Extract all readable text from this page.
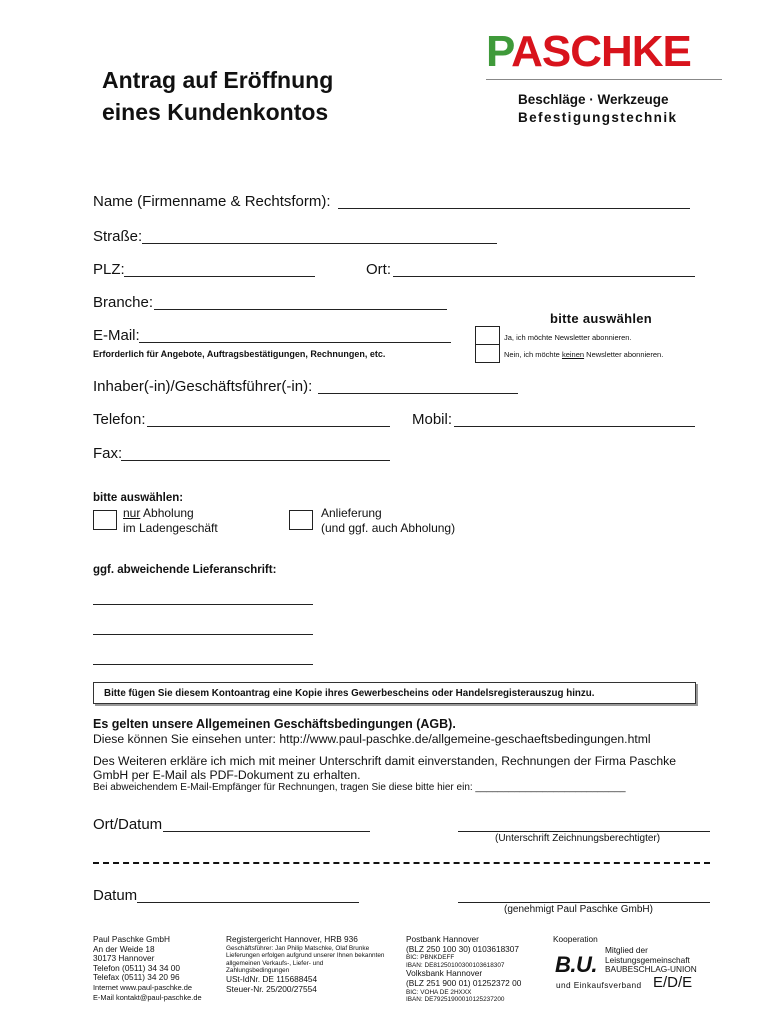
PASCHKE
Beschläge · Werkzeuge
Befestigungstechnik
Antrag auf Eröffnung
eines Kundenkontos
Name (Firmenname & Rechtsform):
Straße:
PLZ:	Ort:
Branche:
bitte auswählen
E-Mail:
Erforderlich für Angebote, Auftragsbestätigungen, Rechnungen, etc.
Ja, ich möchte Newsletter abonnieren.
Nein, ich möchte keinen Newsletter abonnieren.
Inhaber(-in)/Geschäftsführer(-in):
Telefon:	Mobil:
Fax:
bitte auswählen:
nur Abholung
im Ladengeschäft
Anlieferung
(und ggf. auch Abholung)
ggf. abweichende Lieferanschrift:
Bitte fügen Sie diesem Kontoantrag eine Kopie ihres Gewerbescheins oder Handelsregisterauszug hinzu.
Es gelten unsere Allgemeinen Geschäftsbedingungen (AGB).
Diese können Sie einsehen unter: http://www.paul-paschke.de/allgemeine-geschaeftsbedingungen.html
Des Weiteren erkläre ich mich mit meiner Unterschrift damit einverstanden, Rechnungen der Firma Paschke
GmbH per E-Mail als PDF-Dokument zu erhalten.
Bei abweichendem E-Mail-Empfänger für Rechnungen, tragen Sie diese bitte hier ein: ___________________________
Ort/Datum
(Unterschrift Zeichnungsberechtigter)
Datum
(genehmigt Paul Paschke GmbH)
Paul Paschke GmbH
An der Weide 18
30173 Hannover
Telefon (0511) 34 34 00
Telefax (0511) 34 20 96
Internet www.paul-paschke.de
E-Mail kontakt@paul-paschke.de
Registergericht Hannover, HRB 936
Geschäftsführer: Jan Philip Matschke, Olaf Brunke
Lieferungen erfolgen aufgrund unserer Ihnen bekannten
allgemeinen Verkaufs-, Liefer- und
Zahlungsbedingungen
USt-IdNr. DE 115688454
Steuer-Nr. 25/200/27554
Postbank Hannover
(BLZ 250 100 30) 0103618307
BIC: PBNKDEFF
IBAN: DE81250100300103618307
Volksbank Hannover
(BLZ 251 900 01) 01252372 00
BIC: VOHA DE 2HXXX
IBAN: DE79251900010125237200
Kooperation
B.U.
Mitglied der
Leistungsgemeinschaft
BAUBESCHLAG-UNION
und Einkaufsverband E/D/E
